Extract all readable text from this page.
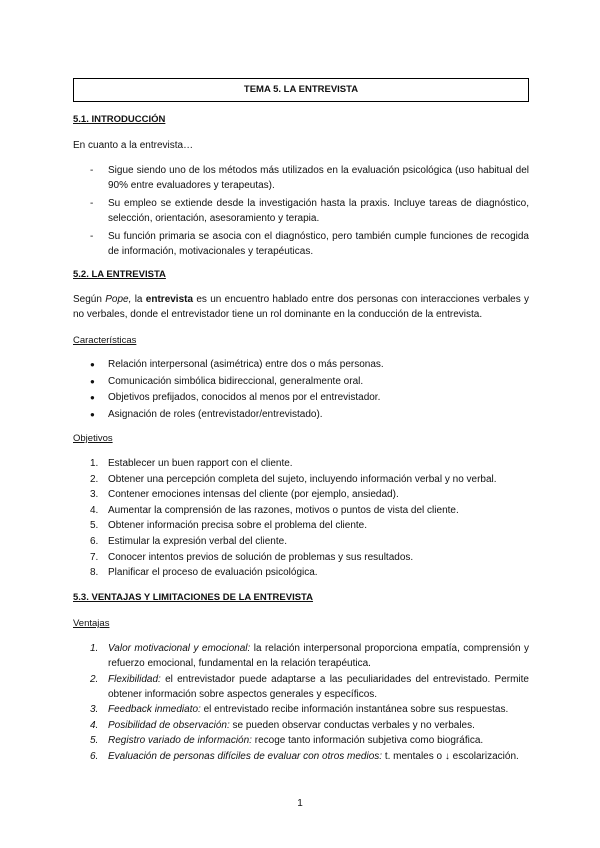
TEMA 5. LA ENTREVISTA
5.1. INTRODUCCIÓN
En cuanto a la entrevista…
- Sigue siendo uno de los métodos más utilizados en la evaluación psicológica (uso habitual del 90% entre evaluadores y terapeutas).
- Su empleo se extiende desde la investigación hasta la praxis. Incluye tareas de diagnóstico, selección, orientación, asesoramiento y terapia.
- Su función primaria se asocia con el diagnóstico, pero también cumple funciones de recogida de información, motivacionales y terapéuticas.
5.2. LA ENTREVISTA
Según Pope, la entrevista es un encuentro hablado entre dos personas con interacciones verbales y no verbales, donde el entrevistador tiene un rol dominante en la conducción de la entrevista.
Características
● Relación interpersonal (asimétrica) entre dos o más personas.
● Comunicación simbólica bidireccional, generalmente oral.
● Objetivos prefijados, conocidos al menos por el entrevistador.
● Asignación de roles (entrevistador/entrevistado).
Objetivos
1. Establecer un buen rapport con el cliente.
2. Obtener una percepción completa del sujeto, incluyendo información verbal y no verbal.
3. Contener emociones intensas del cliente (por ejemplo, ansiedad).
4. Aumentar la comprensión de las razones, motivos o puntos de vista del cliente.
5. Obtener información precisa sobre el problema del cliente.
6. Estimular la expresión verbal del cliente.
7. Conocer intentos previos de solución de problemas y sus resultados.
8. Planificar el proceso de evaluación psicológica.
5.3. VENTAJAS Y LIMITACIONES DE LA ENTREVISTA
Ventajas
1. Valor motivacional y emocional: la relación interpersonal proporciona empatía, comprensión y refuerzo emocional, fundamental en la relación terapéutica.
2. Flexibilidad: el entrevistador puede adaptarse a las peculiaridades del entrevistado. Permite obtener información sobre aspectos generales y específicos.
3. Feedback inmediato: el entrevistado recibe información instantánea sobre sus respuestas.
4. Posibilidad de observación: se pueden observar conductas verbales y no verbales.
5. Registro variado de información: recoge tanto información subjetiva como biográfica.
6. Evaluación de personas difíciles de evaluar con otros medios: t. mentales o ↓ escolarización.
1
